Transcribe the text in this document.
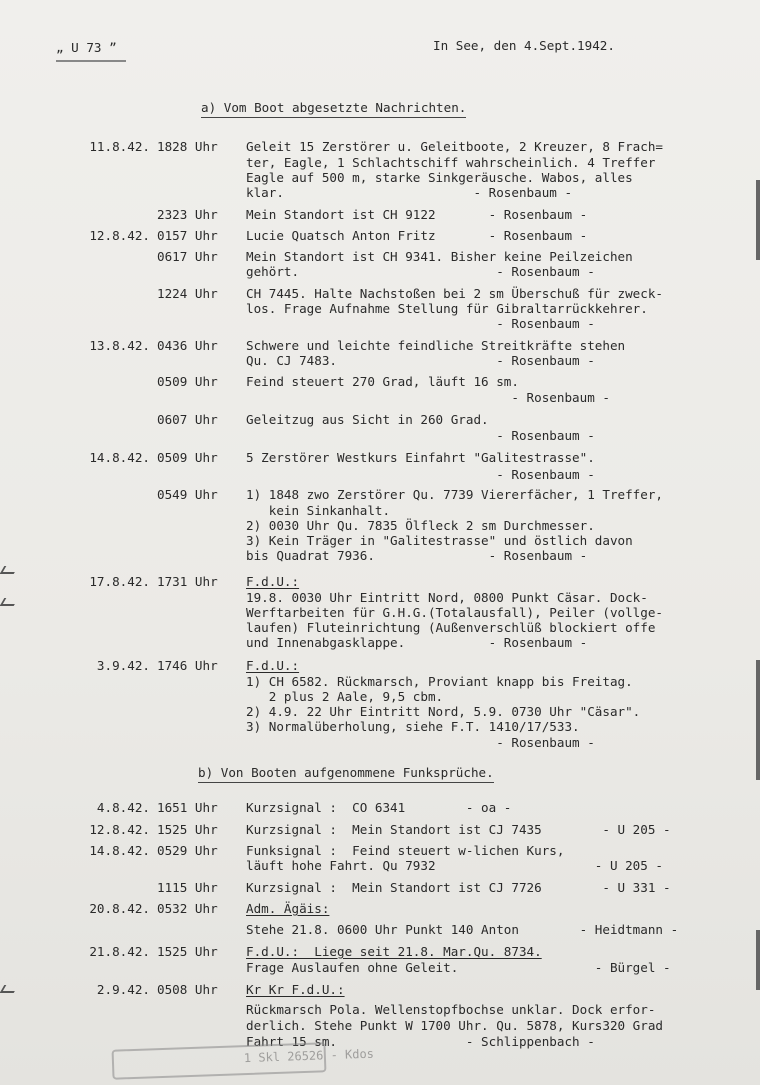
„ U 73 ”	In See, den 4.Sept.1942.
a) Vom Boot abgesetzte Nachrichten.
11.8.42. 1828 Uhr Geleit 15 Zerstörer u. Geleitboote, 2 Kreuzer, 8 Frach=
ter, Eagle, 1 Schlachtschiff wahrscheinlich. 4 Treffer
Eagle auf 500 m, starke Sinkgeräusche. Wabos, alles
klar.                         - Rosenbaum -
2323 Uhr Mein Standort ist CH 9122       - Rosenbaum -
12.8.42. 0157 Uhr Lucie Quatsch Anton Fritz       - Rosenbaum -
0617 Uhr Mein Standort ist CH 9341. Bisher keine Peilzeichen
gehört.                          - Rosenbaum -
1224 Uhr CH 7445. Halte Nachstoßen bei 2 sm Überschuß für zweck-
los. Frage Aufnahme Stellung für Gibraltarrückkehrer.
- Rosenbaum -
13.8.42. 0436 Uhr Schwere und leichte feindliche Streitkräfte stehen
Qu. CJ 7483.                     - Rosenbaum -
0509 Uhr Feind steuert 270 Grad, läuft 16 sm.
- Rosenbaum -
0607 Uhr Geleitzug aus Sicht in 260 Grad.
- Rosenbaum -
14.8.42. 0509 Uhr 5 Zerstörer Westkurs Einfahrt "Galitestrasse".
- Rosenbaum -
0549 Uhr 1) 1848 zwo Zerstörer Qu. 7739 Viererfächer, 1 Treffer,
kein Sinkanhalt.
2) 0030 Uhr Qu. 7835 Ölfleck 2 sm Durchmesser.
3) Kein Träger in "Galitestrasse" und östlich davon
bis Quadrat 7936.               - Rosenbaum -
17.8.42. 1731 Uhr F.d.U.:
19.8. 0030 Uhr Eintritt Nord, 0800 Punkt Cäsar. Dock-
Werftarbeiten für G.H.G.(Totalausfall), Peiler (vollge-
laufen) Fluteinrichtung (Außenverschlüß blockiert offe
und Innenabgasklappe.           - Rosenbaum -
3.9.42. 1746 Uhr F.d.U.:
1) CH 6582. Rückmarsch, Proviant knapp bis Freitag.
2 plus 2 Aale, 9,5 cbm.
2) 4.9. 22 Uhr Eintritt Nord, 5.9. 0730 Uhr "Cäsar".
3) Normalüberholung, siehe F.T. 1410/17/533.
- Rosenbaum -
b) Von Booten aufgenommene Funksprüche.
4.8.42. 1651 Uhr Kurzsignal :  CO 6341        - oa -
12.8.42. 1525 Uhr Kurzsignal :  Mein Standort ist CJ 7435        - U 205 -
14.8.42. 0529 Uhr Funksignal :  Feind steuert w-lichen Kurs,
läuft hohe Fahrt. Qu 7932                     - U 205 -
1115 Uhr Kurzsignal :  Mein Standort ist CJ 7726        - U 331 -
20.8.42. 0532 Uhr Adm. Ägäis:
Stehe 21.8. 0600 Uhr Punkt 140 Anton        - Heidtmann -
21.8.42. 1525 Uhr F.d.U.:  Liege seit 21.8. Mar.Qu. 8734.
Frage Auslaufen ohne Geleit.                  - Bürgel -
2.9.42. 0508 Uhr Kr Kr F.d.U.:
Rückmarsch Pola. Wellenstopfbochse unklar. Dock erfor-
derlich. Stehe Punkt W 1700 Uhr. Qu. 5878, Kurs320 Grad
Fahrt 15 sm.                 - Schlippenbach -
1 Skl 26526 - Kdos
